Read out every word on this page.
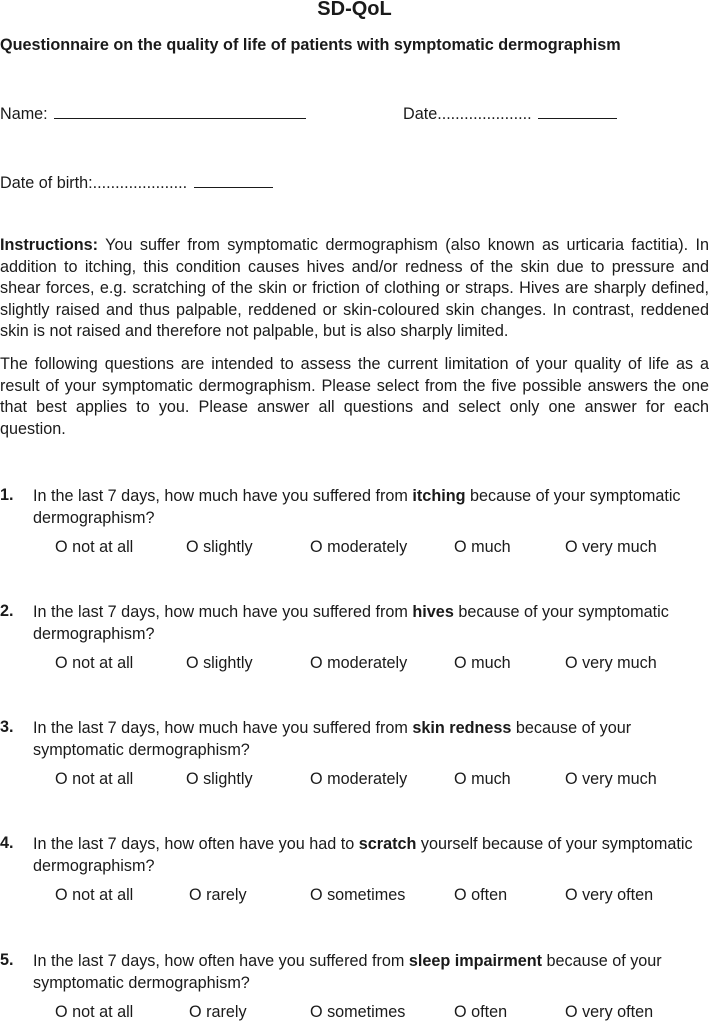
SD-QoL
Questionnaire on the quality of life of patients with symptomatic dermographism
Name:	Date.....................
Date of birth:.....................
Instructions: You suffer from symptomatic dermographism (also known as urticaria factitia). In addition to itching, this condition causes hives and/or redness of the skin due to pressure and shear forces, e.g. scratching of the skin or friction of clothing or straps. Hives are sharply defined, slightly raised and thus palpable, reddened or skin-coloured skin changes. In contrast, reddened skin is not raised and therefore not palpable, but is also sharply limited.
The following questions are intended to assess the current limitation of your quality of life as a result of your symptomatic dermographism. Please select from the five possible answers the one that best applies to you. Please answer all questions and select only one answer for each question.
1. In the last 7 days, how much have you suffered from itching because of your symptomatic dermographism?
O not at all	O slightly	O moderately	O much	O very much
2. In the last 7 days, how much have you suffered from hives because of your symptomatic dermographism?
O not at all	O slightly	O moderately	O much	O very much
3. In the last 7 days, how much have you suffered from skin redness because of your symptomatic dermographism?
O not at all	O slightly	O moderately	O much	O very much
4. In the last 7 days, how often have you had to scratch yourself because of your symptomatic dermographism?
O not at all	O rarely	O sometimes	O often	O very often
5. In the last 7 days, how often have you suffered from sleep impairment because of your symptomatic dermographism?
O not at all	O rarely	O sometimes	O often	O very often
